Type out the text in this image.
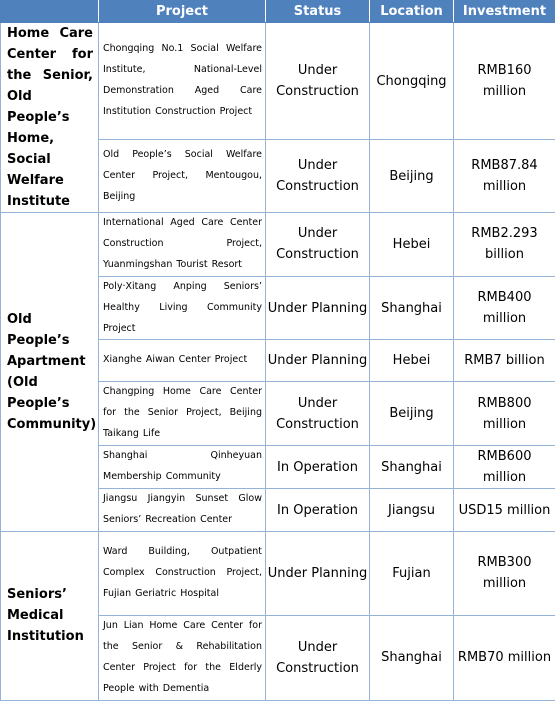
	Project	Status	Location	Investment
Home Care Center for the Senior, Old People’s Home, Social Welfare Institute	Chongqing No.1 Social Welfare Institute, National-Level Demonstration Aged Care Institution Construction Project	Under Construction	Chongqing	RMB160 million
	Old People’s Social Welfare Center Project, Mentougou, Beijing	Under Construction	Beijing	RMB87.84 million
Old People’s Apartment (Old People’s Community)	International Aged Care Center Construction Project, Yuanmingshan Tourist Resort	Under Construction	Hebei	RMB2.293 billion
	Poly·Xitang Anping Seniors’ Healthy Living Community Project	Under Planning	Shanghai	RMB400 million
	Xianghe Aiwan Center Project	Under Planning	Hebei	RMB7 billion
	Changping Home Care Center for the Senior Project, Beijing Taikang Life	Under Construction	Beijing	RMB800 million
	Shanghai Qinheyuan Membership Community	In Operation	Shanghai	RMB600 million
	Jiangsu Jiangyin Sunset Glow Seniors’ Recreation Center	In Operation	Jiangsu	USD15 million
Seniors’ Medical Institution	Ward Building, Outpatient Complex Construction Project, Fujian Geriatric Hospital	Under Planning	Fujian	RMB300 million
	Jun Lian Home Care Center for the Senior & Rehabilitation Center Project for the Elderly People with Dementia	Under Construction	Shanghai	RMB70 million
